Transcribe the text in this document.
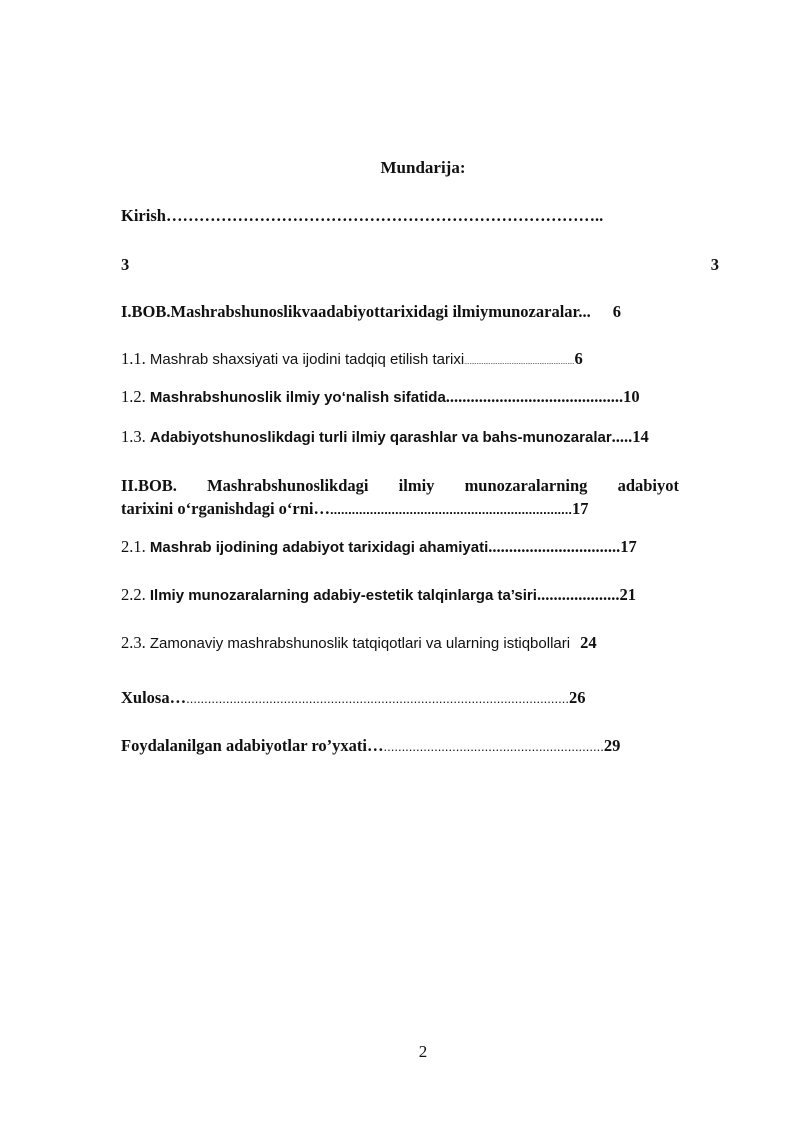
Mundarija:
Kirish……………………………………………………………………..
3	3
I.BOB.Mashrabshunoslikvaadabiyottarixidagi ilmiymunozaralar... 6
1.1. Mashrab shaxsiyati va ijodini tadqiq etilish tarixi...............................................................6
1.2. Mashrabshunoslik ilmiy yo‘nalish sifatida...........................................10
1.3. Adabiyotshunoslikdagi turli ilmiy qarashlar va bahs-munozaralar.....14
II.BOB. Mashrabshunoslikdagi ilmiy munozaralarning adabiyot
tarixini o‘rganishdagi o‘rni…...................................................................17
2.1. Mashrab ijodining adabiyot tarixidagi ahamiyati................................17
2.2. Ilmiy munozaralarning adabiy-estetik talqinlarga ta’siri....................21
2.3. Zamonaviy mashrabshunoslik tatqiqotlari va ularning istiqbollari 24
Xulosa…..........................................................................................................26
Foydalanilgan adabiyotlar ro’yxati….............................................................29
2
